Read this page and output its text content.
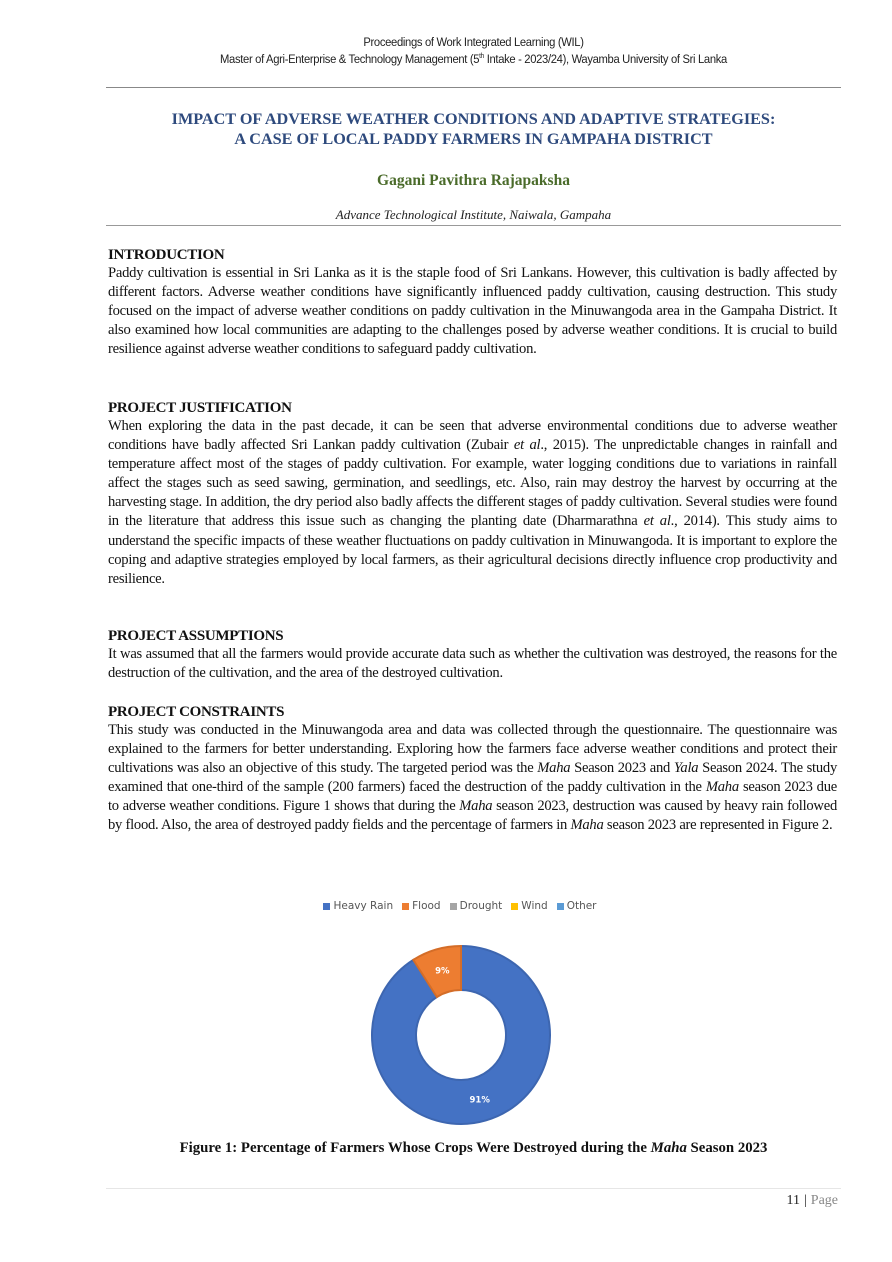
Proceedings of Work Integrated Learning (WIL)
Master of Agri-Enterprise & Technology Management (5th Intake - 2023/24), Wayamba University of Sri Lanka
IMPACT OF ADVERSE WEATHER CONDITIONS AND ADAPTIVE STRATEGIES:
A CASE OF LOCAL PADDY FARMERS IN GAMPAHA DISTRICT
Gagani Pavithra Rajapaksha
Advance Technological Institute, Naiwala, Gampaha
INTRODUCTION

Paddy cultivation is essential in Sri Lanka as it is the staple food of Sri Lankans. However, this cultivation is badly affected by different factors. Adverse weather conditions have significantly influenced paddy cultivation, causing destruction. This study focused on the impact of adverse weather conditions on paddy cultivation in the Minuwangoda area in the Gampaha District. It also examined how local communities are adapting to the challenges posed by adverse weather conditions. It is crucial to build resilience against adverse weather conditions to safeguard paddy cultivation.

PROJECT JUSTIFICATION

When exploring the data in the past decade, it can be seen that adverse environmental conditions due to adverse weather conditions have badly affected Sri Lankan paddy cultivation (Zubair et al., 2015). The unpredictable changes in rainfall and temperature affect most of the stages of paddy cultivation. For example, water logging conditions due to variations in rainfall affect the stages such as seed sawing, germination, and seedlings, etc. Also, rain may destroy the harvest by occurring at the harvesting stage. In addition, the dry period also badly affects the different stages of paddy cultivation. Several studies were found in the literature that address this issue such as changing the planting date (Dharmarathna et al., 2014). This study aims to understand the specific impacts of these weather fluctuations on paddy cultivation in Minuwangoda. It is important to explore the coping and adaptive strategies employed by local farmers, as their agricultural decisions directly influence crop productivity and resilience.

PROJECT ASSUMPTIONS

It was assumed that all the farmers would provide accurate data such as whether the cultivation was destroyed, the reasons for the destruction of the cultivation, and the area of the destroyed cultivation.

PROJECT CONSTRAINTS

This study was conducted in the Minuwangoda area and data was collected through the questionnaire. The questionnaire was explained to the farmers for better understanding. Exploring how the farmers face adverse weather conditions and protect their cultivations was also an objective of this study. The targeted period was the Maha Season 2023 and Yala Season 2024. The study examined that one-third of the sample (200 farmers) faced the destruction of the paddy cultivation in the Maha season 2023 due to adverse weather conditions. Figure 1 shows that during the Maha season 2023, destruction was caused by heavy rain followed by flood. Also, the area of destroyed paddy fields and the percentage of farmers in Maha season 2023 are represented in Figure 2.

Heavy Rain Flood Drought Wind Other
91%
9%
Figure 1: Percentage of Farmers Whose Crops Were Destroyed during the Maha Season 2023
11 | Page
